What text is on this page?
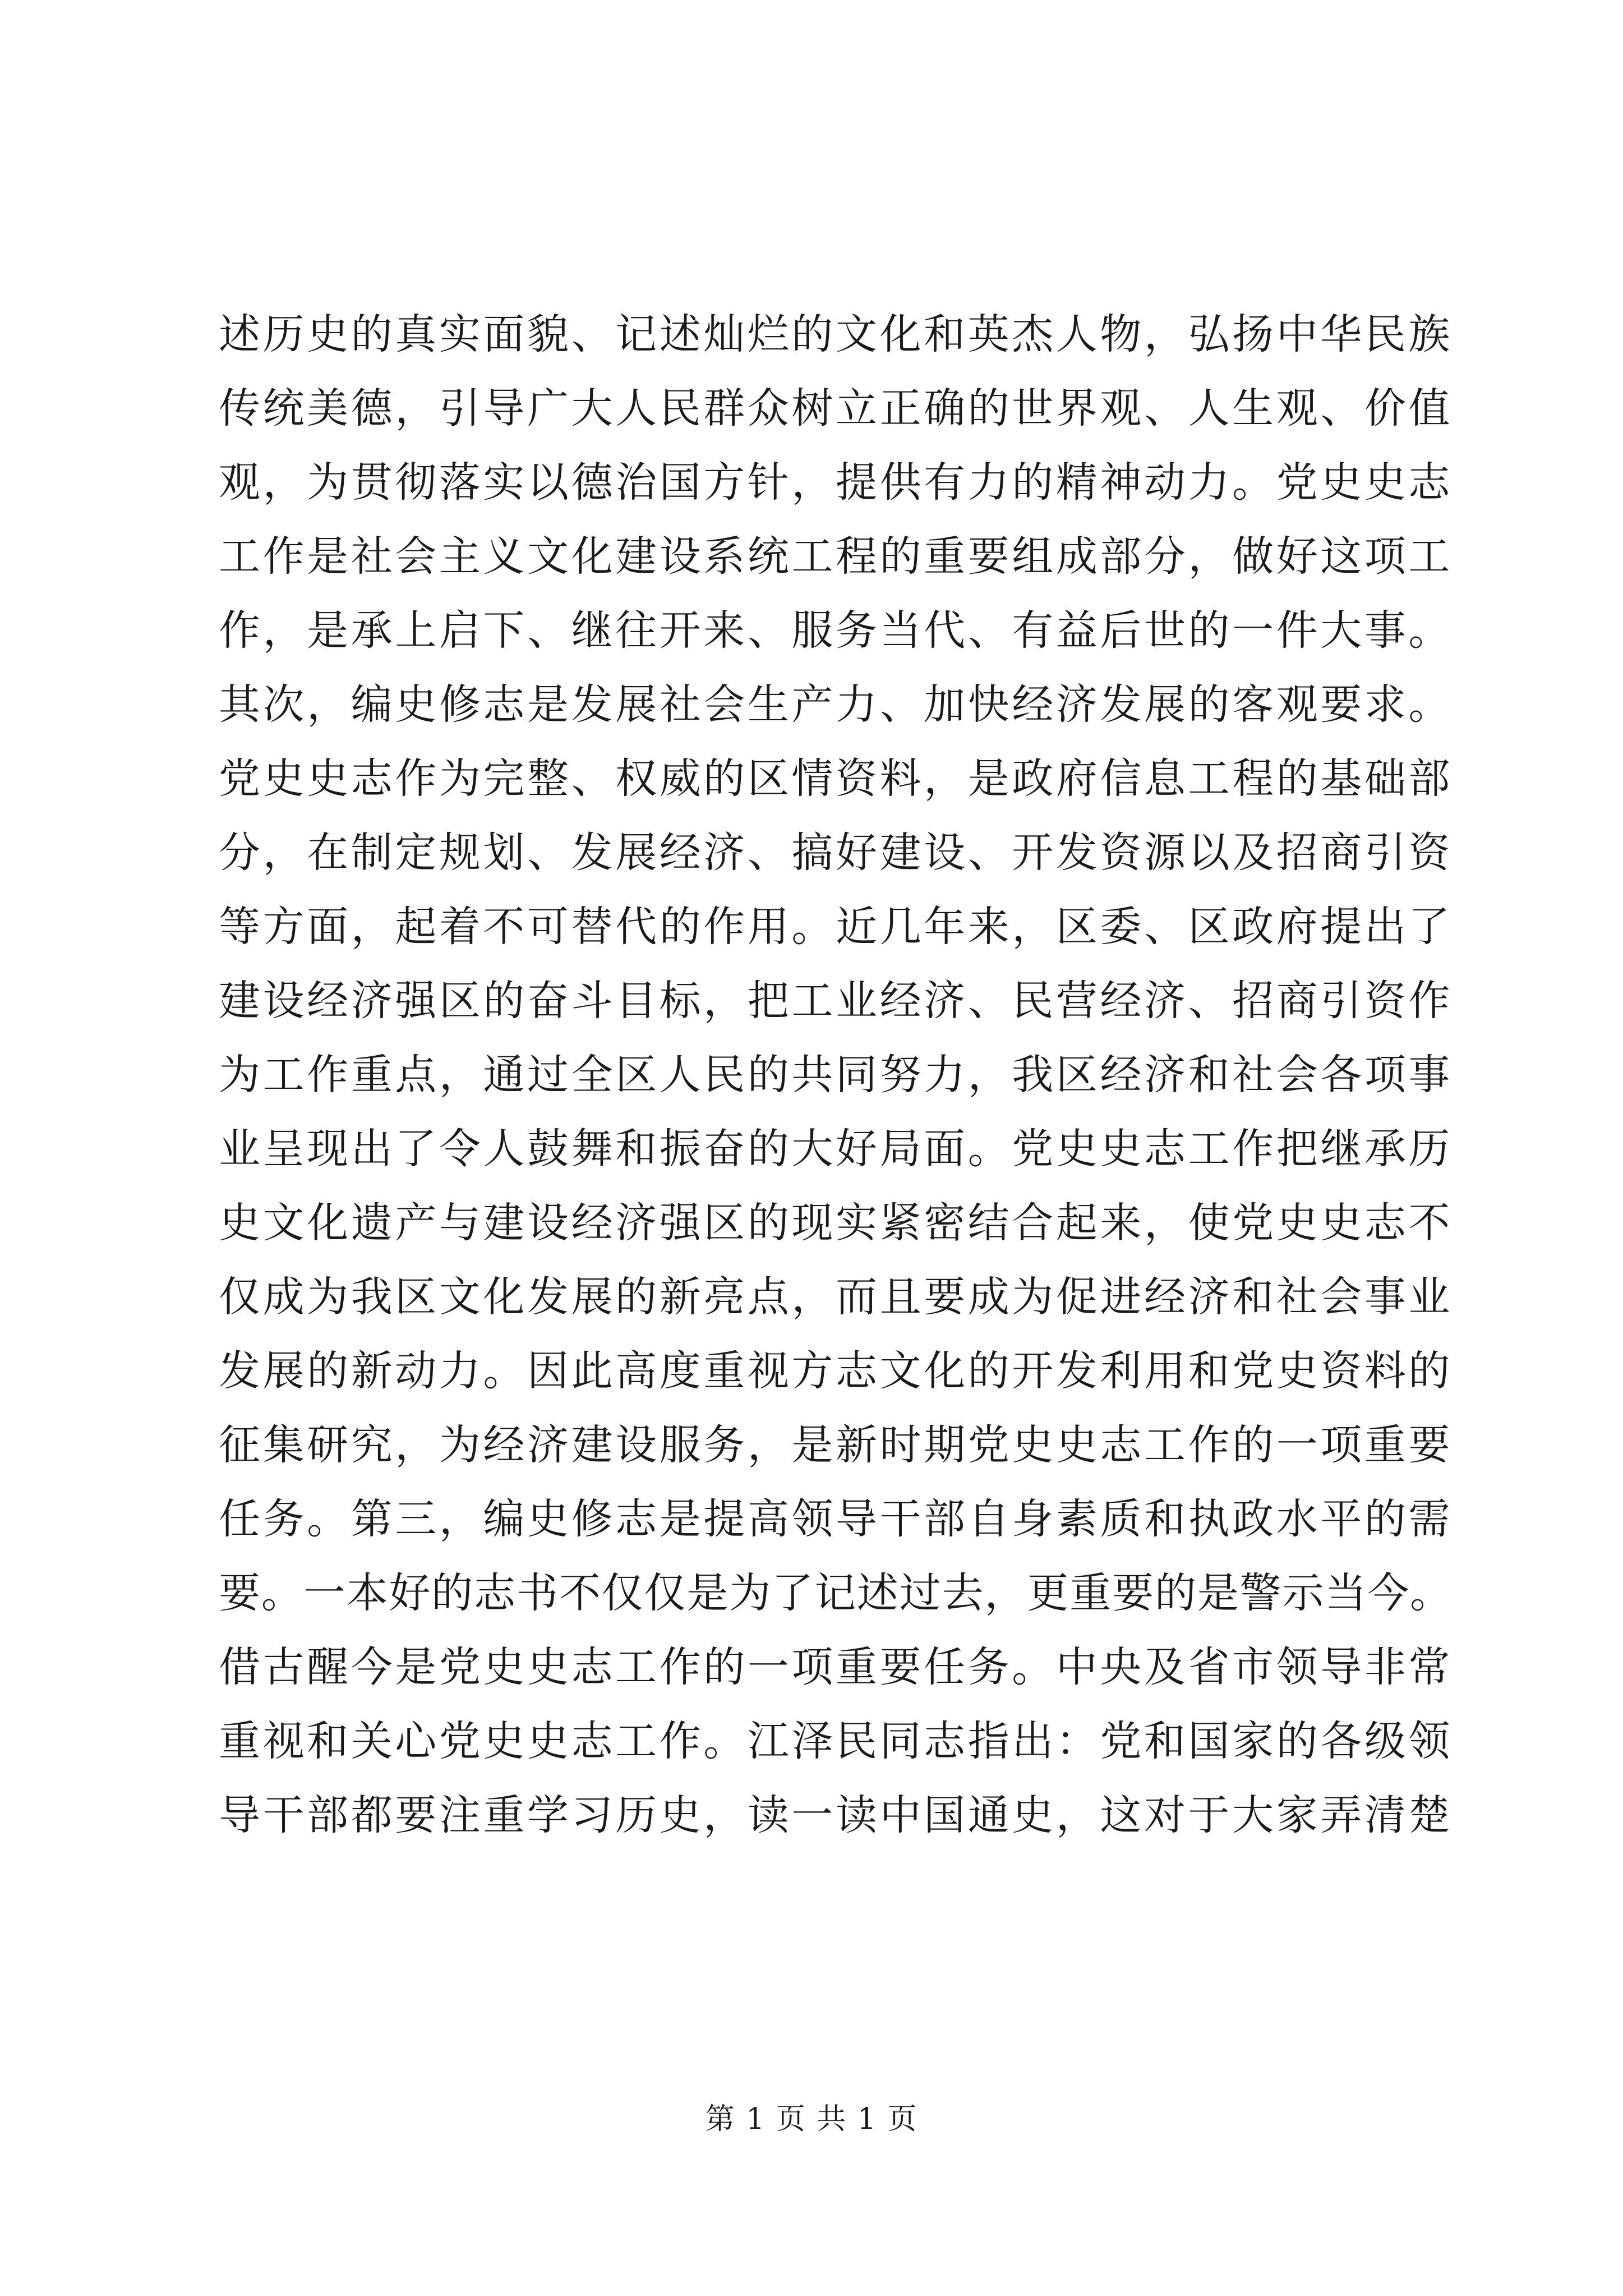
述历史的真实面貌、记述灿烂的文化和英杰人物，弘扬中华民族
传统美德，引导广大人民群众树立正确的世界观、人生观、价值
观，为贯彻落实以德治国方针，提供有力的精神动力。党史史志
工作是社会主义文化建设系统工程的重要组成部分，做好这项工
作，是承上启下、继往开来、服务当代、有益后世的一件大事。
其次，编史修志是发展社会生产力、加快经济发展的客观要求。
党史史志作为完整、权威的区情资料，是政府信息工程的基础部
分，在制定规划、发展经济、搞好建设、开发资源以及招商引资
等方面，起着不可替代的作用。近几年来，区委、区政府提出了
建设经济强区的奋斗目标，把工业经济、民营经济、招商引资作
为工作重点，通过全区人民的共同努力，我区经济和社会各项事
业呈现出了令人鼓舞和振奋的大好局面。党史史志工作把继承历
史文化遗产与建设经济强区的现实紧密结合起来，使党史史志不
仅成为我区文化发展的新亮点，而且要成为促进经济和社会事业
发展的新动力。因此高度重视方志文化的开发利用和党史资料的
征集研究，为经济建设服务，是新时期党史史志工作的一项重要
任务。第三，编史修志是提高领导干部自身素质和执政水平的需
要。一本好的志书不仅仅是为了记述过去，更重要的是警示当今。
借古醒今是党史史志工作的一项重要任务。中央及省市领导非常
重视和关心党史史志工作。江泽民同志指出：党和国家的各级领
导干部都要注重学习历史，读一读中国通史，这对于大家弄清楚
第 1 页 共 1 页
